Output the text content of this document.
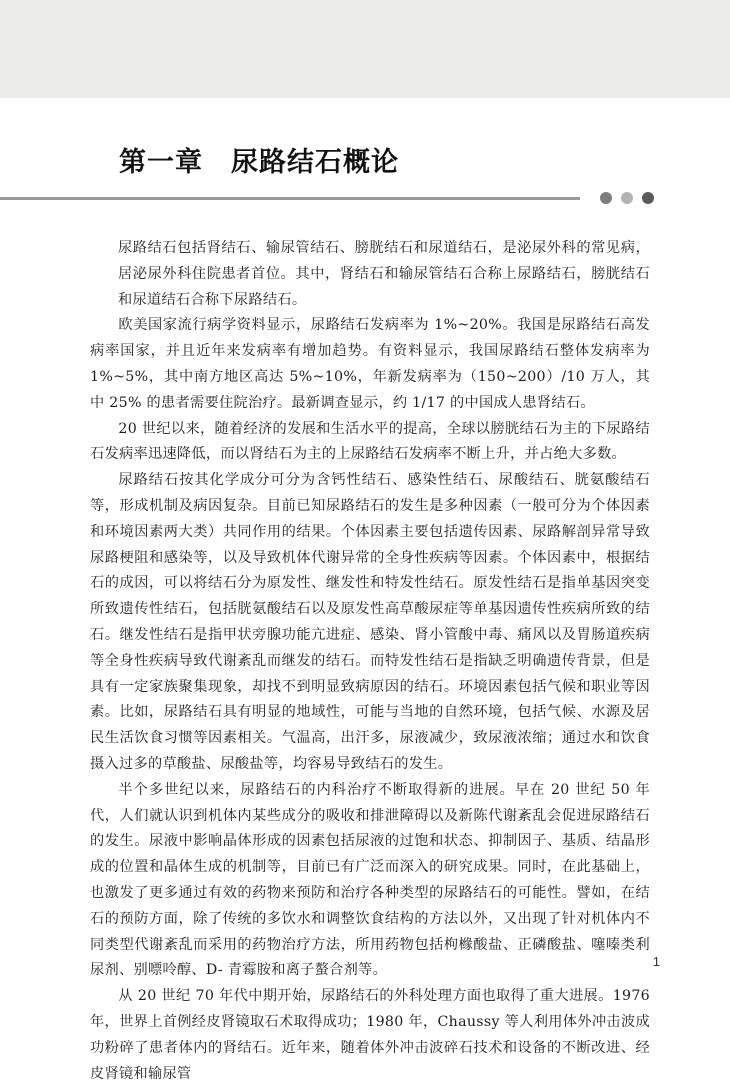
第一章　尿路结石概论

尿路结石包括肾结石、输尿管结石、膀胱结石和尿道结石，是泌尿外科的常见病，居泌尿外科住院患者首位。其中，肾结石和输尿管结石合称上尿路结石，膀胱结石和尿道结石合称下尿路结石。

欧美国家流行病学资料显示，尿路结石发病率为 1%~20%。我国是尿路结石高发病率国家，并且近年来发病率有增加趋势。有资料显示，我国尿路结石整体发病率为 1%~5%，其中南方地区高达 5%~10%，年新发病率为（150~200）/10 万人，其中 25% 的患者需要住院治疗。最新调查显示，约 1/17 的中国成人患肾结石。

20 世纪以来，随着经济的发展和生活水平的提高，全球以膀胱结石为主的下尿路结石发病率迅速降低，而以肾结石为主的上尿路结石发病率不断上升，并占绝大多数。

尿路结石按其化学成分可分为含钙性结石、感染性结石、尿酸结石、胱氨酸结石等，形成机制及病因复杂。目前已知尿路结石的发生是多种因素（一般可分为个体因素和环境因素两大类）共同作用的结果。个体因素主要包括遗传因素、尿路解剖异常导致尿路梗阻和感染等，以及导致机体代谢异常的全身性疾病等因素。个体因素中，根据结石的成因，可以将结石分为原发性、继发性和特发性结石。原发性结石是指单基因突变所致遗传性结石，包括胱氨酸结石以及原发性高草酸尿症等单基因遗传性疾病所致的结石。继发性结石是指甲状旁腺功能亢进症、感染、肾小管酸中毒、痛风以及胃肠道疾病等全身性疾病导致代谢紊乱而继发的结石。而特发性结石是指缺乏明确遗传背景，但是具有一定家族聚集现象，却找不到明显致病原因的结石。环境因素包括气候和职业等因素。比如，尿路结石具有明显的地域性，可能与当地的自然环境，包括气候、水源及居民生活饮食习惯等因素相关。气温高，出汗多，尿液减少，致尿液浓缩；通过水和饮食摄入过多的草酸盐、尿酸盐等，均容易导致结石的发生。

半个多世纪以来，尿路结石的内科治疗不断取得新的进展。早在 20 世纪 50 年代，人们就认识到机体内某些成分的吸收和排泄障碍以及新陈代谢紊乱会促进尿路结石的发生。尿液中影响晶体形成的因素包括尿液的过饱和状态、抑制因子、基质、结晶形成的位置和晶体生成的机制等，目前已有广泛而深入的研究成果。同时，在此基础上，也激发了更多通过有效的药物来预防和治疗各种类型的尿路结石的可能性。譬如，在结石的预防方面，除了传统的多饮水和调整饮食结构的方法以外，又出现了针对机体内不同类型代谢紊乱而采用的药物治疗方法，所用药物包括枸橼酸盐、正磷酸盐、噻嗪类利尿剂、别嘌呤醇、D- 青霉胺和离子螯合剂等。

从 20 世纪 70 年代中期开始，尿路结石的外科处理方面也取得了重大进展。1976 年，世界上首例经皮肾镜取石术取得成功；1980 年，Chaussy 等人利用体外冲击波成功粉碎了患者体内的肾结石。近年来，随着体外冲击波碎石技术和设备的不断改进、经皮肾镜和输尿管

1
